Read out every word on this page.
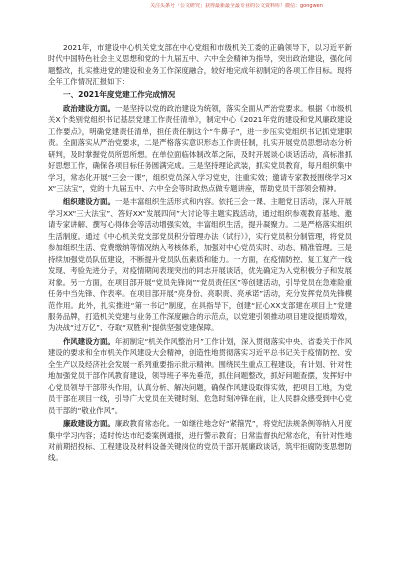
关注头条号「公文研究」获得最新最全最专业的公文资料库！微信：gongwen

2021年，市建设中心机关党支部在中心党组和市级机关工委的正确领导下，以习近平新时代中国特色社会主义思想和党的十九届五中、六中全会精神为指导，突出政治建设，强化问题整改，扎实推进党的建设和业务工作深度融合，较好地完成年初制定的各项工作目标。现将全年工作情况汇报如下：

一、2021年度党建工作完成情况

政治建设方面。一是坚持以党的政治建设为统领，落实全面从严治党要求。根据《市级机关X个类别党组织书记基层党建工作责任清单》，制定中心《2021年党的建设和党风廉政建设工作要点》，明确党建责任清单，担任责任制这个“牛鼻子”，进一步压实党组织书记抓党建职责。全面落实从严治党要求，二是严格落实意识形态工作责任制，扎实开展党员思想动态分析研判，及时掌握党员所思所想。在单位面临体制改革之际，及时开展谈心谈话活动，高标准抓好思想工作，确保各项目标任务圆满完成。三是坚持理论武装，抓实党员教育，每月组织集中学习，常态化开展“三会一课”，组织党员深入学习党史，注重实效；邀请专家教授围绕学习XX“三法宝”，党的十九届五中、六中全会等时政热点做专题讲座，帮助党员干部领会精神。

组织建设方面。一是丰富组织生活形式和内容。依托三会一课、主题党日活动，深入开展学习XX“三大法宝”、答好XX“发展四问”大讨论等主题实践活动，通过组织参观教育基地、邀请专家讲解、撰写心得体会等活动增强实效，丰富组织生活，提升凝聚力。二是严格落实组织生活制度。通过《中心机关党支部党员积分管理办法（试行）》，实行党员积分制管理，将党员参加组织生活、党费缴纳等情况纳入考核体系，加强对中心党员实时、动态、精准管理。三是持续加强党员队伍建设，不断提升党员队伍素质和能力。一方面，在疫情防控、复工复产一线发现、考验先进分子，对疫情期间表现突出的同志开展谈话，优先确定为入党积极分子和发展对象。另一方面，在项目部开展“党员先锋岗”“党员责任区”等创建活动，引导党员在急难险重任务中当先锋、作表率。在项目部开展“亮身份、亮职责、亮承诺”活动，充分发挥党员先锋模范作用。此外，扎实推进“第一书记”制度，在具指导下，创建“匠心XX支部建在项目上”党建服务品牌，打造机关党建与业务工作深度融合的示范点，以党建引领推动项目建设提质增效，为决战“过万亿”、夺取“双胜利”提供坚强党建保障。

作风建设方面。年初制定“机关作风整治月”工作计划，深入贯彻落实中央、省委关于作风建设的要求和全市机关作风建设大会精神，创造性地贯彻落实习近平总书记关于疫情防控、安全生产以及经济社会发展一系列重要指示批示精神。围绕民生重点工程建设，有计划、针对性地加强党员干部作风教育建设，领导班子率先垂范，抓住问题整改，抓好问题查摆，发挥好中心党员领导干部带头作用，认真分析、解决问题，确保作风建设取得实效，把项目工地，为党员干部在项目一线，引导广大党员在关键时刻、危急时刻冲锋在前，让人民群众感受到中心党员干部的“敬业作风”。

廉政建设方面。廉政教育常态化。一如继往地念好“紧箍咒”，将党纪法规条例等纳入月度集中学习内容；适时传达市纪委案例通报，进行警示教育；日常监督执纪常态化，有针对性地对前期招投标、工程建设及材料设备关键岗位的党员干部开展廉政谈话，筑牢拒腐防变思想防线。
